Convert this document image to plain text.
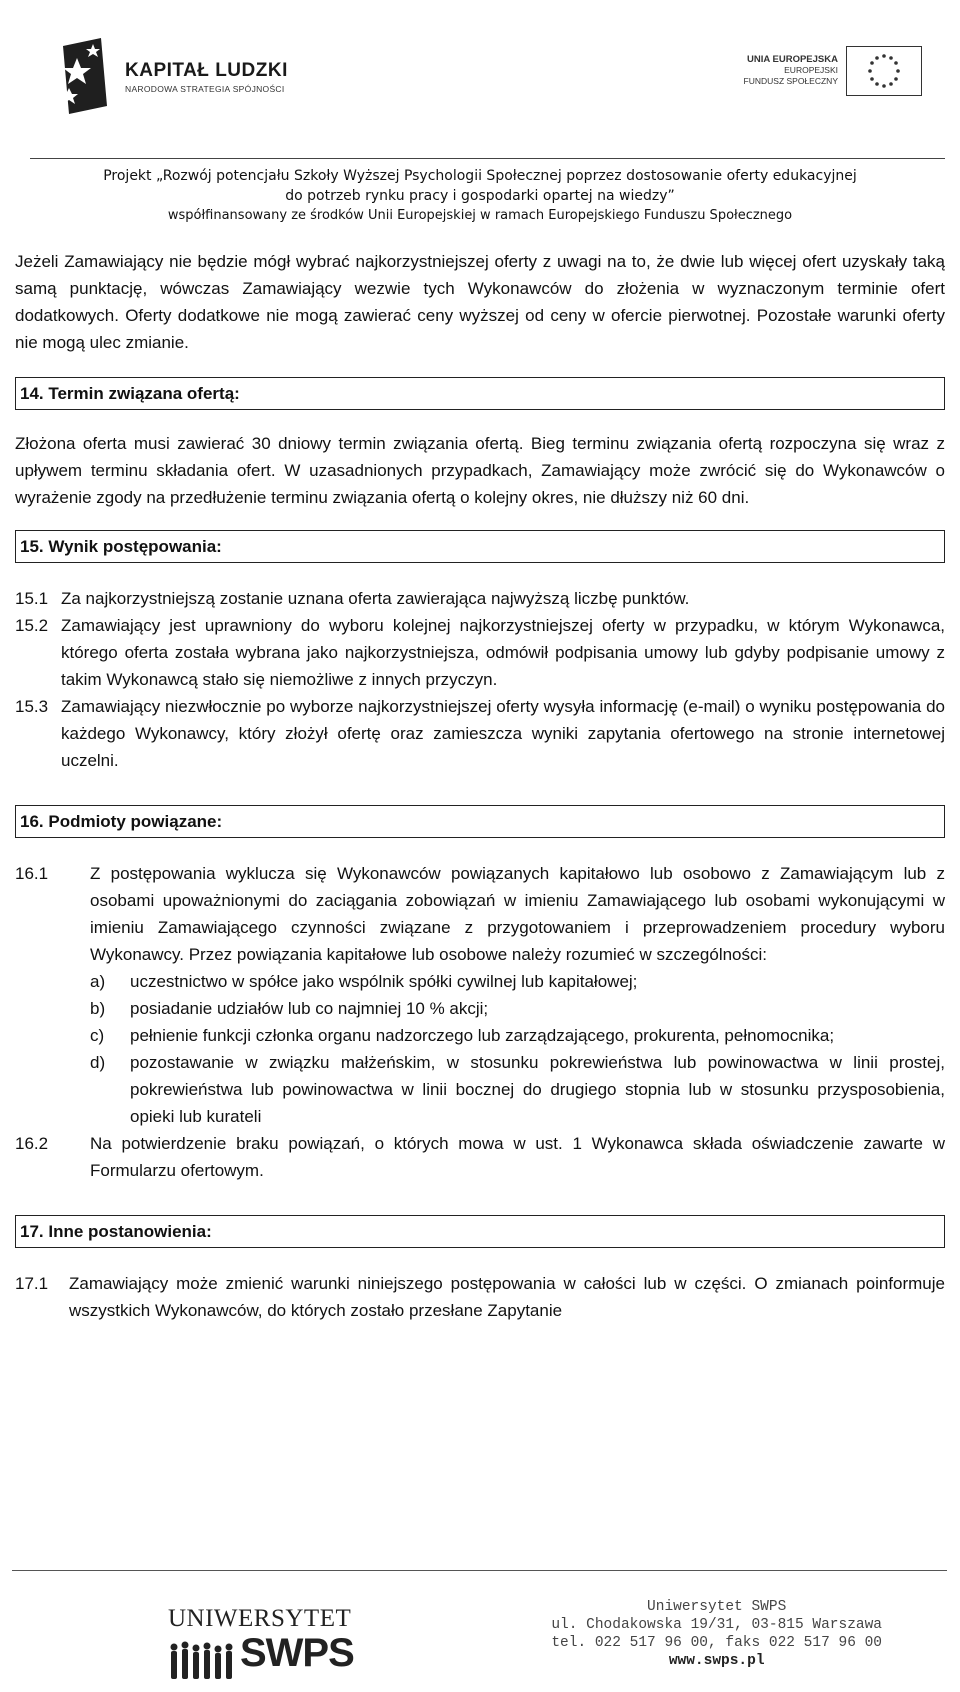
KAPITAŁ LUDZKI
NARODOWA STRATEGIA SPÓJNOŚCI
UNIA EUROPEJSKA
EUROPEJSKI
FUNDUSZ SPOŁECZNY
Projekt „Rozwój potencjału Szkoły Wyższej Psychologii Społecznej poprzez dostosowanie oferty edukacyjnej
do potrzeb rynku pracy i gospodarki opartej na wiedzy”
współfinansowany ze środków Unii Europejskiej w ramach Europejskiego Funduszu Społecznego

Jeżeli Zamawiający nie będzie mógł wybrać najkorzystniejszej oferty z uwagi na to, że dwie lub więcej ofert uzyskały taką samą punktację, wówczas Zamawiający wezwie tych Wykonawców do złożenia w wyznaczonym terminie ofert dodatkowych. Oferty dodatkowe nie mogą zawierać ceny wyższej od ceny w ofercie pierwotnej. Pozostałe warunki oferty nie mogą ulec zmianie.

14. Termin związana ofertą:

Złożona oferta musi zawierać 30 dniowy termin związania ofertą. Bieg terminu związania ofertą rozpoczyna się wraz z upływem terminu składania ofert. W uzasadnionych przypadkach, Zamawiający może zwrócić się do Wykonawców o wyrażenie zgody na przedłużenie terminu związania ofertą o kolejny okres, nie dłuższy niż 60 dni.

15. Wynik postępowania:
15.1 Za najkorzystniejszą zostanie uznana oferta zawierająca najwyższą liczbę punktów.
15.2 Zamawiający jest uprawniony do wyboru kolejnej najkorzystniejszej oferty w przypadku, w którym Wykonawca, którego oferta została wybrana jako najkorzystniejsza, odmówił podpisania umowy lub gdyby podpisanie umowy z takim Wykonawcą stało się niemożliwe z innych przyczyn.
15.3 Zamawiający niezwłocznie po wyborze najkorzystniejszej oferty wysyła informację (e-mail) o wyniku postępowania do każdego Wykonawcy, który złożył ofertę oraz zamieszcza wyniki zapytania ofertowego na stronie internetowej uczelni.
16. Podmioty powiązane:
16.1 Z postępowania wyklucza się Wykonawców powiązanych kapitałowo lub osobowo z Zamawiającym lub z osobami upoważnionymi do zaciągania zobowiązań w imieniu Zamawiającego lub osobami wykonującymi w imieniu Zamawiającego czynności związane z przygotowaniem i przeprowadzeniem procedury wyboru Wykonawcy. Przez powiązania kapitałowe lub osobowe należy rozumieć w szczególności:
a) uczestnictwo w spółce jako wspólnik spółki cywilnej lub kapitałowej;
b) posiadanie udziałów lub co najmniej 10 % akcji;
c) pełnienie funkcji członka organu nadzorczego lub zarządzającego, prokurenta, pełnomocnika;
d) pozostawanie w związku małżeńskim, w stosunku pokrewieństwa lub powinowactwa w linii prostej, pokrewieństwa lub powinowactwa w linii bocznej do drugiego stopnia lub w stosunku przysposobienia, opieki lub kurateli
16.2 Na potwierdzenie braku powiązań, o których mowa w ust. 1 Wykonawca składa oświadczenie zawarte w Formularzu ofertowym.
17. Inne postanowienia:
17.1 Zamawiający może zmienić warunki niniejszego postępowania w całości lub w części. O zmianach poinformuje wszystkich Wykonawców, do których zostało przesłane Zapytanie
UNIWERSYTET
SWPS
Uniwersytet SWPS
ul. Chodakowska 19/31, 03-815 Warszawa
tel. 022 517 96 00, faks 022 517 96 00
www.swps.pl
